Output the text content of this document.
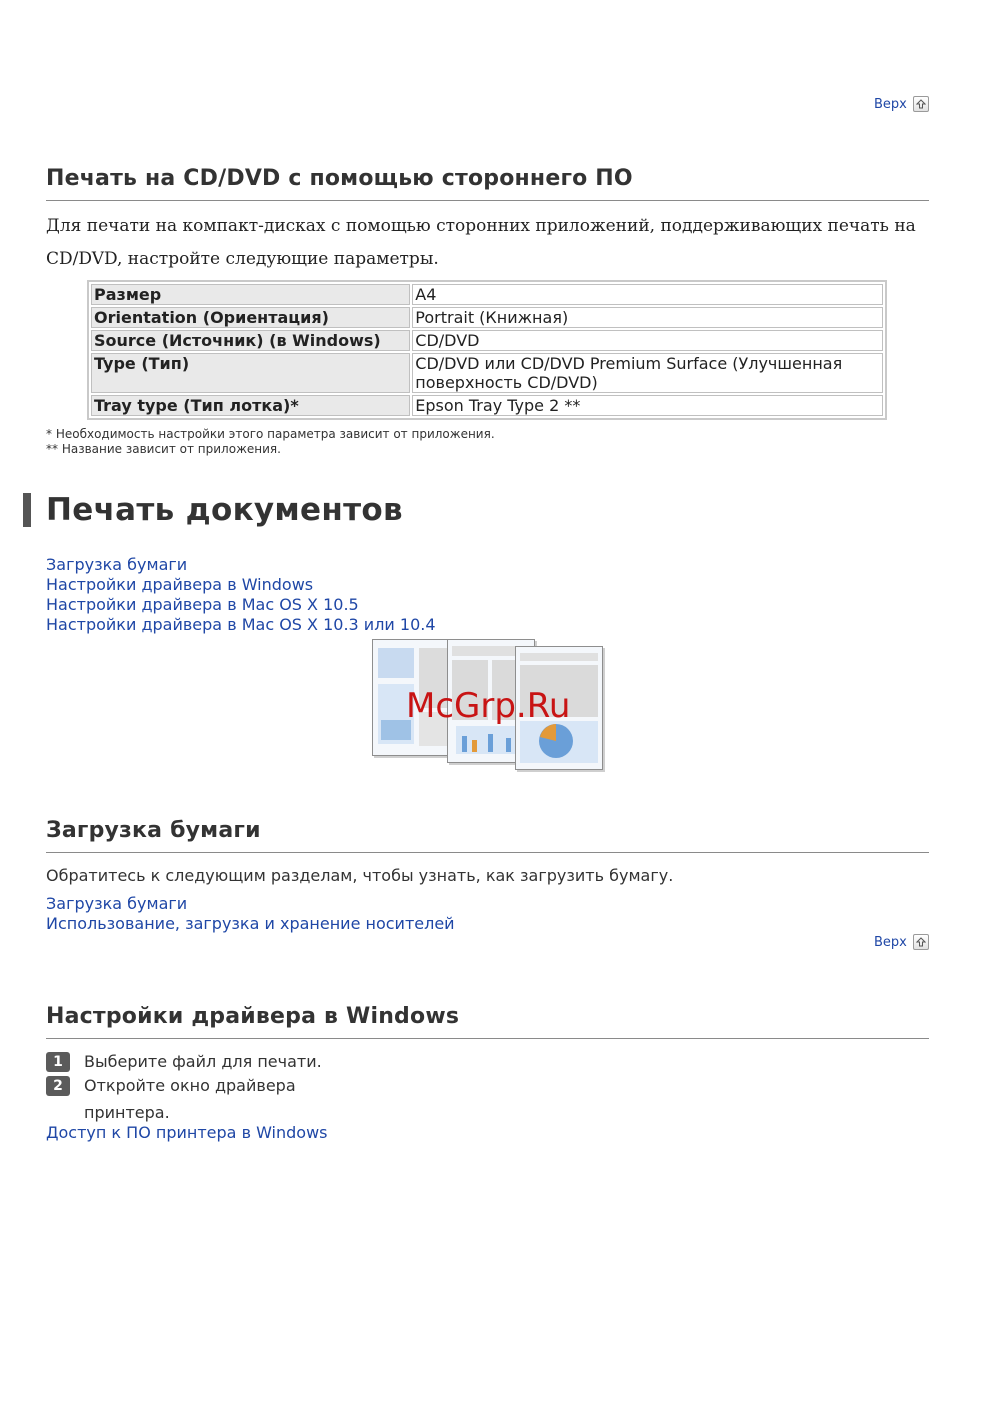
Верх
Печать на CD/DVD с помощью стороннего ПО

Для печати на компакт-дисках с помощью сторонних приложений, поддерживающих печать на CD/DVD, настройте следующие параметры.

Размер	A4
Orientation (Ориентация)	Portrait (Книжная)
Source (Источник) (в Windows)	CD/DVD
Type (Тип)	CD/DVD или CD/DVD Premium Surface (Улучшенная поверхность CD/DVD)
Tray type (Тип лотка)*	Epson Tray Type 2 **
* Необходимость настройки этого параметра зависит от приложения.
** Название зависит от приложения.
Печать документов
Загрузка бумаги
Настройки драйвера в Windows
Настройки драйвера в Mac OS X 10.5
Настройки драйвера в Mac OS X 10.3 или 10.4
McGrp.Ru
Загрузка бумаги
Обратитесь к следующим разделам, чтобы узнать, как загрузить бумагу.
Загрузка бумаги
Использование, загрузка и хранение носителей
Верх
Настройки драйвера в Windows
1	Выберите файл для печати.
2	Откройте окно драйвера
принтера.
Доступ к ПО принтера в Windows
